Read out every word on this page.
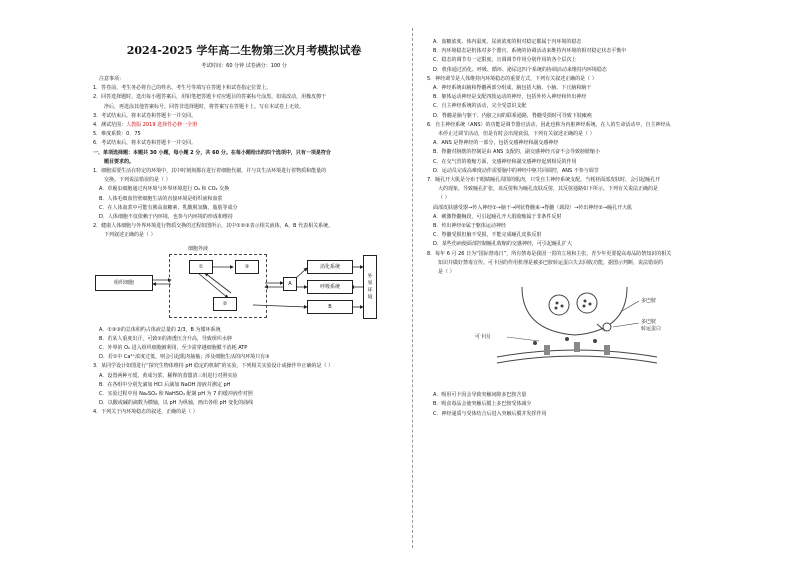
2024-2025 学年高二生物第三次月考模拟试卷
考试时间：60 分钟 试卷满分：100 分
注意事项：
1．答卷前，考生务必将自己的姓名、考生号等填写在答题卡和试卷指定位置上。
2．回答选择题时，选出每小题答案后，用铅笔把答题卡对应题目的答案标号涂黑。如需改动，用橡皮擦干
净后，再选涂其他答案标号。回答非选择题时，将答案写在答题卡上。写在本试卷上无效。
3．考试结束后，将本试卷和答题卡一并交回。
4．测试范围：人教版 2019 选择性必修一全册
5．难度系数：0．75
6．考试结束后，将本试卷和答题卡一并交回。
一、单项选择题：本题共 30 小题，每小题 2 分，共 60 分。在每小题给出的四个选项中，只有一项是符合
题目要求的。
1．细胞需要生活在特定的环境中，其中时刻刻都在进行着细胞代谢，并与其生活环境进行着物质和能量的
交换。下列说法错误的是（ ）
A．草履虫细胞通过内环境与外界环境进行 O₂ 和 CO₂ 交换
B．人体毛细血管壁细胞生活的直接环境是组织液和血浆
C．在人体血浆中可能有胰高血糖素、乳酸脱氢酶、脂肪等成分
D．人体细胞不仅依赖于内环境，也参与内环境的形成和维持
2．健康人体细胞与外界环境进行物质交换的过程如图所示，其中①②③表示相关液体，A、B 代表相关系统。
下列叙述正确的是（ ）
细胞外液
组织细胞
①	③
②
A
消化系统
呼吸系统
B
外界环境
A．①③③的总体积约占体液总量的 2/3，B 为循环系统
B．若某人重度出汗，可致②的渗透压含升高，导致组织水肿
C．外界的 O₂ 进入组织细胞被利用，至少需穿越细胞膜不消耗 ATP
D．若①中 Ca²⁺浓度过低，则会引起肌肉抽搐；涉及细胞生活的内环境只有③
3．某同学设计如图进行“探究生物体维持 pH 稳定的机制”的实验。下列相关实验设计或操作中正确的是（ ）
A．设置两种互缓、黄成匀浆、稀释的蒸馏清三组进行对照实验
B．在各组中分别先滴加 HCl 后滴加 NaOH 溶液并测定 pH
C．实验过程中用 Na₂SO₄ 和 NaHSO₄ 配制 pH 为 7 的缓冲液作对照
D．以酸或碱的滴数为横轴，以 pH 为纵轴，画出各组 pH 变化的曲线
4．下列关于内环境稳态的叙述，正确的是（ ）
A．血糖浓度、体内温度、尿液浓度的相对稳定都属于内环境的稳态
B．内环境稳态是机体对多个器官、系统的协调活动来维持内环境的相对稳定状态平衡中
C．稳态的调节有一定限度，且调调节作用分别作用的各个层次上
D．机体通过消化、呼吸、循环、泌尿这四个系统的协调活动来维持内环境稳态
5．神经调节是人体维持内环境稳态的重要方式，下列有关叙述正确的是（ ）
A．神经系统由脑和脊髓两部分组成，脑包括大脑、小脑、下丘脑和脑干
B．躯体运动神经是支配四肢运动的神经，包括外传入神经和传出神经
C．自主神经系统的活动，完全受意识支配
D．脊髓是脑与躯干、内脏之间的联系通路，脊髓受损时可导致下肢瘫痪
6．自主神经系统（ANS）的功能是调节器官活动，因此也称为内脏神经系统。在人的生命活动中，自主神经从
未停止过调节活动，但是有时会出现衰弱，下列有关叙述正确的是（ ）
A．ANS 是脊神经的一部分，包括交感神经和副交感神经
B．脊髓对膀胱的控制是由 ANS 支配的，副交感神经兴奋不会导致膀胱缩小
C．在交气管的收缩方面，交感神经和副交感神经起到相反的作用
D．运动员完成高难度动作需要脑中的神经中枢共同调控，ANS 不参与调节
7．瞳孔开大肌是分布于眼睛瞳孔周围的肌肉，只受自主神经系统支配，当耗材面部皮肤时，会引起瞳孔开
大的现象，导致瞳孔扩张，该反射称为瞳孔皮肤反射，其反射通路如下所示。下列有关说法正确的是
（ ）
面部皮肤感受器→传入神经①→脑干→网状脊髓束→脊髓（颈段）→传出神经②→瞳孔开大肌
A．刺激脊髓胸段，可引起瞳孔开大肌收缩属于非条件反射
B．传出神经②属于躯体运动神经
C．脊髓受损但脑不受损，不能完成瞳孔皮肤反射
D．某些伤病使面部控制瞳孔收缩的交感神经，可引起瞳孔扩大
8．每年 6 月 26 日为“国际禁毒日”，所有禁毒是我国一贯的立场和主张，青少年更要提高毒品防禁知识的相关
知识并做好禁毒宣传。可卡因的作用机理是被多巴胺转运蛋白失去回收功能，据图示判断，说法错误的
是（ ）
多巴胺
可卡因
多巴胺
转运蛋白
A．吸用可卡因会导致突触间隙多巴胺含量
B．吸食毒品会使突触后膜上多巴胺受体减少
C．神经递质与受体结合后进入突触后膜并发挥作用
